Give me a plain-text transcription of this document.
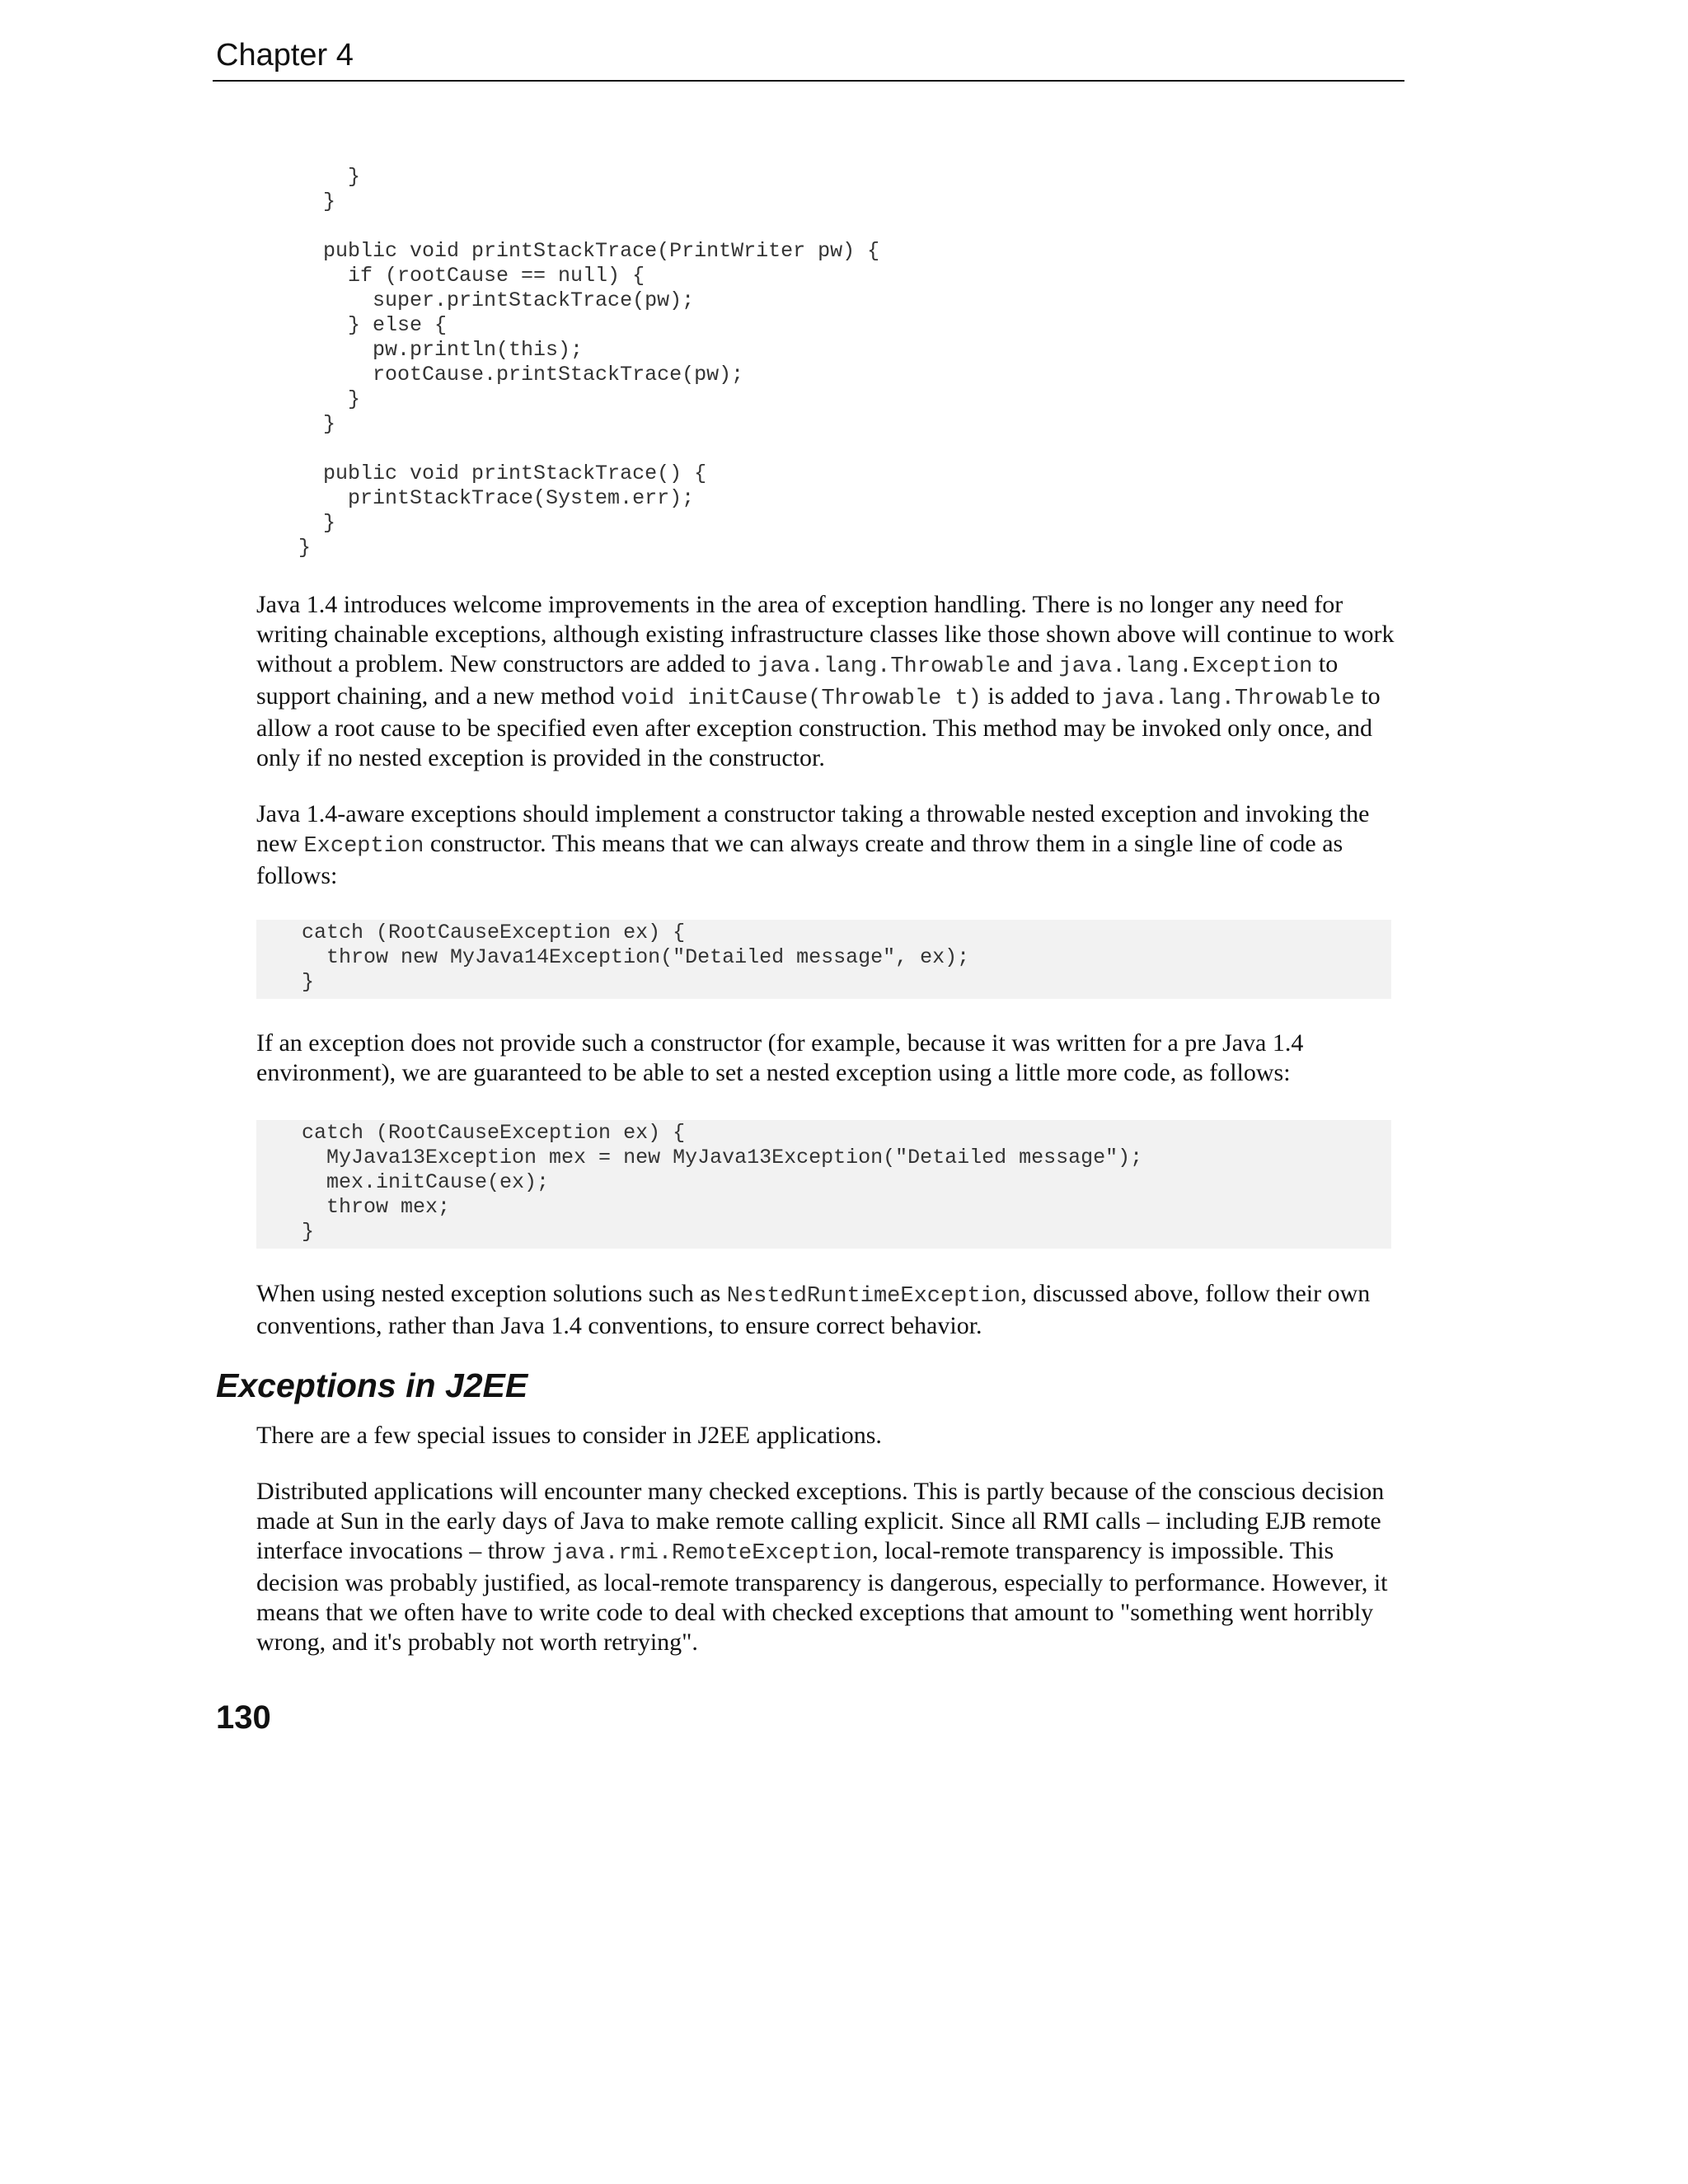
Chapter 4
}
}

public void printStackTrace(PrintWriter pw) {
if (rootCause == null) {
super.printStackTrace(pw);
} else {
pw.println(this);
rootCause.printStackTrace(pw);
}
}

public void printStackTrace() {
printStackTrace(System.err);
}
}

Java 1.4 introduces welcome improvements in the area of exception handling. There is no longer any need for writing chainable exceptions, although existing infrastructure classes like those shown above will continue to work without a problem. New constructors are added to java.lang.Throwable and java.lang.Exception to support chaining, and a new method void initCause(Throwable t) is added to java.lang.Throwable to allow a root cause to be specified even after exception construction. This method may be invoked only once, and only if no nested exception is provided in the constructor.

Java 1.4-aware exceptions should implement a constructor taking a throwable nested exception and invoking the new Exception constructor. This means that we can always create and throw them in a single line of code as follows:

catch (RootCauseException ex) {
throw new MyJava14Exception("Detailed message", ex);
}

If an exception does not provide such a constructor (for example, because it was written for a pre Java 1.4 environment), we are guaranteed to be able to set a nested exception using a little more code, as follows:

catch (RootCauseException ex) {
MyJava13Exception mex = new MyJava13Exception("Detailed message");
mex.initCause(ex);
throw mex;
}

When using nested exception solutions such as NestedRuntimeException, discussed above, follow their own conventions, rather than Java 1.4 conventions, to ensure correct behavior.

Exceptions in J2EE

There are a few special issues to consider in J2EE applications.

Distributed applications will encounter many checked exceptions. This is partly because of the conscious decision made at Sun in the early days of Java to make remote calling explicit. Since all RMI calls – including EJB remote interface invocations – throw java.rmi.RemoteException, local-remote transparency is impossible. This decision was probably justified, as local-remote transparency is dangerous, especially to performance. However, it means that we often have to write code to deal with checked exceptions that amount to "something went horribly wrong, and it's probably not worth retrying".

130
